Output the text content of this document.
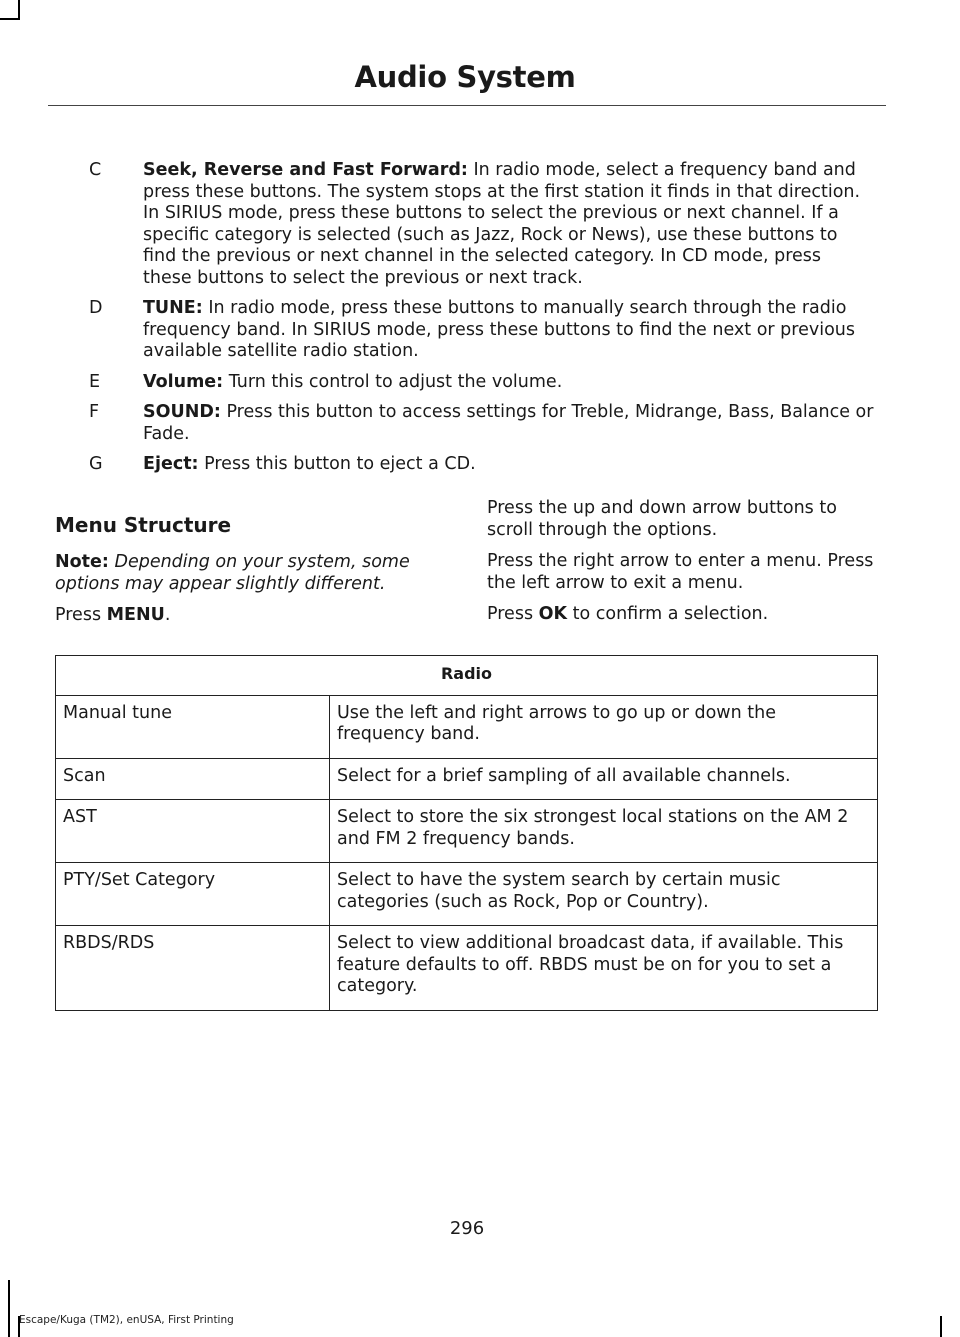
Audio System
C Seek, Reverse and Fast Forward: In radio mode, select a frequency band and press these buttons. The system stops at the first station it finds in that direction. In SIRIUS mode, press these buttons to select the previous or next channel. If a specific category is selected (such as Jazz, Rock or News), use these buttons to find the previous or next channel in the selected category. In CD mode, press these buttons to select the previous or next track.
D TUNE: In radio mode, press these buttons to manually search through the radio frequency band. In SIRIUS mode, press these buttons to find the next or previous available satellite radio station.
E Volume: Turn this control to adjust the volume.
F	SOUND: Press this button to access settings for Treble, Midrange, Bass, Balance or Fade.
G Eject: Press this button to eject a CD.
Menu Structure

Note: Depending on your system, some options may appear slightly different.

Press MENU.

Press the up and down arrow buttons to scroll through the options.

Press the right arrow to enter a menu. Press the left arrow to exit a menu.

Press OK to confirm a selection.

Radio	
Manual tune	Use the left and right arrows to go up or down the frequency band.
Scan	Select for a brief sampling of all available channels.
AST	Select to store the six strongest local stations on the AM 2 and FM 2 frequency bands.
PTY/Set Category	Select to have the system search by certain music categories (such as Rock, Pop or Country).
RBDS/RDS	Select to view additional broadcast data, if available. This feature defaults to off. RBDS must be on for you to set a category.
296
Escape/Kuga (TM2), enUSA, First Printing
